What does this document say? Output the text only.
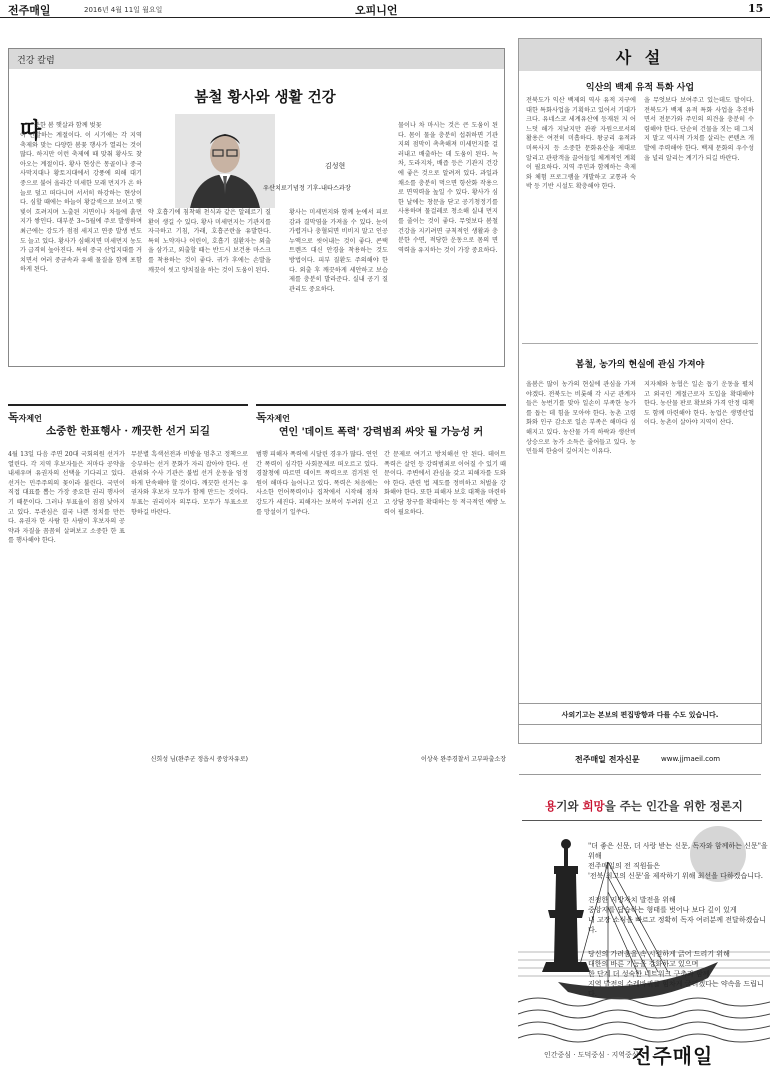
전주매일	2016년 4월 11일 월요일	오피니언	15
건강 칼럼
봄철 황사와 생활 건강
따
뜻한 봄 햇살과 함께 벚꽃
이 만발하는 계절이다. 이 시기에는 각 지역 축제와 맞는 다양한 봄꽃 행사가 열리는 것이 많다. 하지만 이런 축제에 때 맞춰 황사도 찾아오는 계절이다. 황사 현상은 몽골이나 중국 사막지대나 황토지대에서 강풍에 의해 대기 중으로 불어 올라간 미세한 모래 먼지가 온 하늘로 덮고 떠다니며 서서히 하강하는 현상이다. 심할 때에는 하늘이 황갈색으로 보이고 햇빛이 흐려지며 노출된 지면이나 차들에 흙먼지가 쌓인다. 대부분 3~5월에 주로 발생하며 최근에는 강도가 점점 세지고 연중 발생 빈도도 늘고 있다. 황사가 심해지면 미세먼지 농도가 급격히 높아진다. 특히 중국 산업지대를 거치면서 여러 중금속과 유해 물질을 함께 포함하게 된다.
김성현
우산치료기념정 기후-내타스과장
약 호흡기에 침착해 천식과 같은 알레르기 질환이 생길 수 있다. 황사 미세먼지는 기관지를 자극하고 기침, 가래, 호흡곤란을 유발한다. 특히 노약자나 어린이, 호흡기 질환자는 외출을 삼가고, 외출할 때는 반드시 보건용 마스크를 착용하는 것이 좋다. 귀가 후에는 손발을 깨끗이 씻고 양치질을 하는 것이 도움이 된다.
황사는 미세먼지와 함께 눈에서 피로감과 결막염을 가져올 수 있다. 눈이 가렵거나 충혈되면 비비지 말고 인공누액으로 씻어내는 것이 좋다. 콘택트렌즈 대신 안경을 착용하는 것도 방법이다. 피부 질환도 주의해야 한다. 외출 후 깨끗하게 세안하고 보습제를 충분히 발라준다. 실내 공기 질 관리도 중요하다.
물이나 차 마시는 것은 큰 도움이 된다. 몸이 물을 충분히 섭취하면 기관지의 점막이 촉촉해져 미세먼지를 걸러내고 배출하는 데 도움이 된다. 녹차, 도라지차, 배즙 등은 기관지 건강에 좋은 것으로 알려져 있다. 과일과 채소를 충분히 먹으면 항산화 작용으로 면역력을 높일 수 있다. 황사가 심한 날에는 창문을 닫고 공기청정기를 사용하며 물걸레로 청소해 실내 먼지를 줄이는 것이 좋다. 무엇보다 봄철 건강을 지키려면 규칙적인 생활과 충분한 수면, 적당한 운동으로 몸의 면역력을 유지하는 것이 가장 중요하다.
독자제언
소중한 한표행사 · 깨끗한 선거 되길
4월 13일 다음 주면 20대 국회의원 선거가 열린다. 각 지역 후보자들은 저마다 공약을 내세우며 유권자의 선택을 기다리고 있다. 선거는 민주주의의 꽃이라 불린다. 국민이 직접 대표를 뽑는 가장 중요한 권리 행사이기 때문이다. 그러나 투표율이 점점 낮아지고 있다. 무관심은 결국 나쁜 정치를 만든다. 유권자 한 사람 한 사람이 후보자의 공약과 자질을 꼼꼼히 살펴보고 소중한 한 표를 행사해야 한다.
무분별 흑색선전과 비방을 멈추고 정책으로 승부하는 선거 문화가 자리 잡아야 한다. 선관위와 수사 기관은 불법 선거 운동을 엄정하게 단속해야 할 것이다. 깨끗한 선거는 유권자와 후보자 모두가 함께 만드는 것이다. 투표는 권리이자 의무다. 모두가 투표소로 향하길 바란다.
신희성 님(완주군 정읍시 중앙자유로)
독자제언
연인 '데이트 폭력' 강력범죄 싸앗 될 가능성 커
범행 피해자 폭력에 시달린 경우가 많다. 연인 간 폭력이 심각한 사회문제로 떠오르고 있다. 경찰청에 따르면 데이트 폭력으로 검거된 인원이 해마다 늘어나고 있다. 폭력은 처음에는 사소한 언어폭력이나 집착에서 시작해 점차 강도가 세진다. 피해자는 보복이 두려워 신고를 망설이기 일쑤다.
간 문제로 여기고 방치해선 안 된다. 데이트 폭력은 살인 등 강력범죄로 이어질 수 있기 때문이다. 주변에서 관심을 갖고 피해자를 도와야 한다. 관련 법 제도를 정비하고 처벌을 강화해야 한다. 또한 피해자 보호 대책을 마련하고 상담 창구를 확대하는 등 적극적인 예방 노력이 필요하다.
이상욱 완주경찰서 고부파출소장
사 설
익산의 백제 유적 특화 사업
전북도가 익산 백제의 역사 유적 지구에 대한 특화사업을 기획하고 있어서 기대가 크다. 유네스코 세계유산에 등재된 지 어느덧 해가 지났지만 관광 자원으로서의 활용은 여전히 미흡하다. 왕궁리 유적과 미륵사지 등 소중한 문화유산을 제대로 알리고 관광객을 끌어들일 체계적인 계획이 필요하다. 지역 주민과 함께하는 축제와 체험 프로그램을 개발하고 교통과 숙박 등 기반 시설도 확충해야 한다.
을 무엇보다 보여주고 있는데도 말이다. 전북도가 백제 유적 특화 사업을 추진하면서 전문가와 주민의 의견을 충분히 수렴해야 한다. 단순히 건물을 짓는 데 그치지 말고 역사적 가치를 살리는 콘텐츠 개발에 주력해야 한다. 백제 문화의 우수성을 널리 알리는 계기가 되길 바란다.
봄철, 농가의 현실에 관심 가져야
올봄은 많이 농가의 현실에 관심을 가져야겠다. 전북도는 비롯해 각 시군 관계자들은 농번기를 맞아 일손이 부족한 농가를 돕는 데 힘을 모아야 한다. 농촌 고령화와 인구 감소로 일손 부족은 해마다 심해지고 있다. 농산물 가격 하락과 생산비 상승으로 농가 소득은 줄어들고 있다. 농민들의 한숨이 깊어지는 이유다.
지자체와 농협은 일손 돕기 운동을 펼치고 외국인 계절근로자 도입을 확대해야 한다. 농산물 판로 확보와 가격 안정 대책도 함께 마련해야 한다. 농업은 생명산업이다. 농촌이 살아야 지역이 산다.
사외기고는 본보의 편집방향과 다를 수도 있습니다.
전주매일 전자신문	www.jjmaeil.com
용기와 희망을 주는 인간을 위한 정론지
"더 좋은 신문, 더 사랑 받는 신문, 독자와 함께하는 신문"을 위해
전주매일의 전 직원들은
'전북 최고의 신문'을 제작하기 위해 최선을 다하겠습니다.
진정한 지방자치 발전을 위해
중앙지를 답습하는 형태를 벗어나 보다 깊이 있게
내 고장 소식을 빠르고 정확히 독자 여러분께 전달하겠습니다.
당신의 가려움을 속 시원하게 긁어 드리기 위해
대한의 바른 기능을 강화하고 있으며
한 단계 더 성숙한 네트워크 구축과 함께
지역 발전의 수레바퀴를 힘차게 굴리겠다는 약속을 드립니다.
인간중심 · 도덕중심 · 지역중심
전주매일
